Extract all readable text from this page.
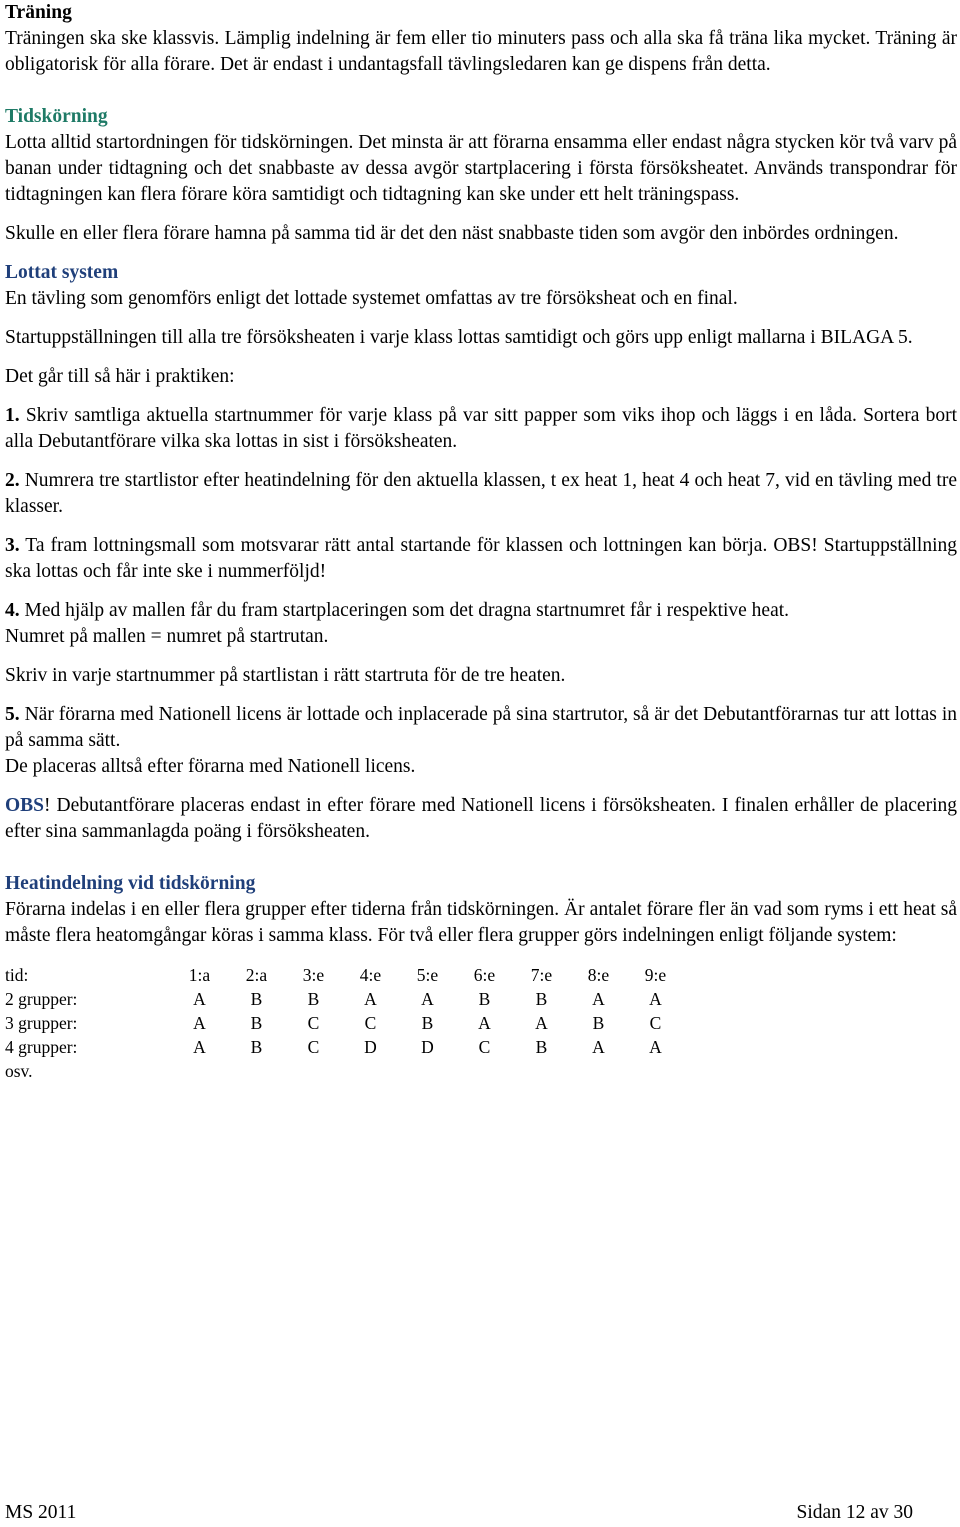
Träning

Träningen ska ske klassvis. Lämplig indelning är fem eller tio minuters pass och alla ska få träna lika mycket. Träning är obligatorisk för alla förare. Det är endast i undantagsfall tävlingsledaren kan ge dispens från detta.

Tidskörning

Lotta alltid startordningen för tidskörningen. Det minsta är att förarna ensamma eller endast några stycken kör två varv på banan under tidtagning och det snabbaste av dessa avgör startplacering i första försöksheatet. Används transpondrar för tidtagningen kan flera förare köra samtidigt och tidtagning kan ske under ett helt träningspass.

Skulle en eller flera förare hamna på samma tid är det den näst snabbaste tiden som avgör den inbördes ordningen.

Lottat system

En tävling som genomförs enligt det lottade systemet omfattas av tre försöksheat och en final.

Startuppställningen till alla tre försöksheaten i varje klass lottas samtidigt och görs upp enligt mallarna i BILAGA 5.

Det går till så här i praktiken:

1. Skriv samtliga aktuella startnummer för varje klass på var sitt papper som viks ihop och läggs i en låda. Sortera bort alla Debutantförare vilka ska lottas in sist i försöksheaten.

2. Numrera tre startlistor efter heatindelning för den aktuella klassen, t ex heat 1, heat 4 och heat 7, vid en tävling med tre klasser.

3. Ta fram lottningsmall som motsvarar rätt antal startande för klassen och lottningen kan börja. OBS! Startuppställning ska lottas och får inte ske i nummerföljd!

4. Med hjälp av mallen får du fram startplaceringen som det dragna startnumret får i respektive heat.

Numret på mallen = numret på startrutan.

Skriv in varje startnummer på startlistan i rätt startruta för de tre heaten.

5. När förarna med Nationell licens är lottade och inplacerade på sina startrutor, så är det Debutantförarnas tur att lottas in på samma sätt.

De placeras alltså efter förarna med Nationell licens.

OBS! Debutantförare placeras endast in efter förare med Nationell licens i försöksheaten. I finalen erhåller de placering efter sina sammanlagda poäng i försöksheaten.

Heatindelning vid tidskörning

Förarna indelas i en eller flera grupper efter tiderna från tidskörningen. Är antalet förare fler än vad som ryms i ett heat så måste flera heatomgångar köras i samma klass. För två eller flera grupper görs indelningen enligt följande system:

tid:	1:a	2:a	3:e	4:e	5:e	6:e	7:e	8:e	9:e
2 grupper:	A	B	B	A	A	B	B	A	A
3 grupper:	A	B	C	C	B	A	A	B	C
4 grupper:	A	B	C	D	D	C	B	A	A
osv.									
MS 2011	Sidan 12 av 30
